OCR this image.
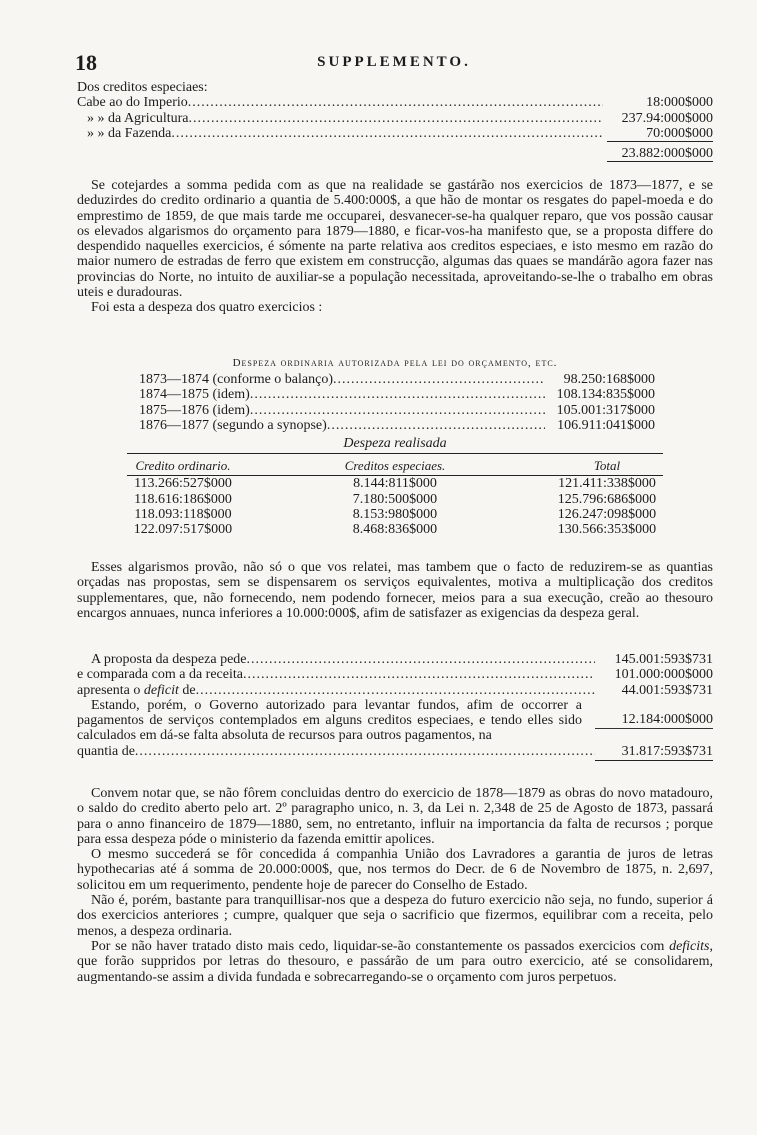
18	SUPPLEMENTO.
Dos creditos especiaes:
Cabe ao do Imperio .....	18:000$000
» » da Agricultura .....	237.94:000$000
» » da Fazenda .....	70:000$000
23.882:000$000

Se cotejardes a somma pedida com as que na realidade se gastárão nos exercicios de 1873—1877, e se deduzirdes do credito ordinario a quantia de 5.400:000$, a que hão de montar os resgates do papel-moeda e do emprestimo de 1859, de que mais tarde me occuparei, desvanecer-se-ha qualquer reparo, que vos possão causar os elevados algarismos do orçamento para 1879—1880, e ficar-vos-ha manifesto que, se a proposta differe do despendido naquelles exercicios, é sómente na parte relativa aos creditos especiaes, e isto mesmo em razão do maior numero de estradas de ferro que existem em construcção, algumas das quaes se mandárão agora fazer nas provincias do Norte, no intuito de auxiliar-se a população necessitada, aproveitando-se-lhe o trabalho em obras uteis e duradouras.

Foi esta a despeza dos quatro exercicios :

Despeza ordinaria autorizada pela lei do orçamento, etc.
1873—1874 (conforme o balanço) .....	98.250:168$000
1874—1875 (idem) .....	108.134:835$000
1875—1876 (idem) .....	105.001:317$000
1876—1877 (segundo a synopse) .....	106.911:041$000
Despeza realisada
Credito ordinario.	Creditos especiaes.	Total
113.266:527$000	8.144:811$000	121.411:338$000
118.616:186$000	7.180:500$000	125.796:686$000
118.093:118$000	8.153:980$000	126.247:098$000
122.097:517$000	8.468:836$000	130.566:353$000

Esses algarismos provão, não só o que vos relatei, mas tambem que o facto de reduzirem-se as quantias orçadas nas propostas, sem se dispensarem os serviços equivalentes, motiva a multiplicação dos creditos supplementares, que, não fornecendo, nem podendo fornecer, meios para a sua execução, creão ao thesouro encargos annuaes, nunca inferiores a 10.000:000$, afim de satisfazer as exigencias da despeza geral.

A proposta da despeza pede .....	145.001:593$731
e comparada com a da receita .....	101.000:000$000
apresenta o deficit de .....	44.001:593$731

Estando, porém, o Governo autorizado para levantar fundos, afim de occorrer a pagamentos de serviços contemplados em alguns creditos especiaes, e tendo elles sido calculados em dá-se falta absoluta de recursos para outros pagamentos, na

12.184:000$000
quantia de .....	31.817:593$731

Convem notar que, se não fôrem concluidas dentro do exercicio de 1878—1879 as obras do novo matadouro, o saldo do credito aberto pelo art. 2º paragrapho unico, n. 3, da Lei n. 2,348 de 25 de Agosto de 1873, passará para o anno financeiro de 1879—1880, sem, no entretanto, influir na importancia da falta de recursos ; porque para essa despeza póde o ministerio da fazenda emittir apolices.

O mesmo succederá se fôr concedida á companhia União dos Lavradores a garantia de juros de letras hypothecarias até á somma de 20.000:000$, que, nos termos do Decr. de 6 de Novembro de 1875, n. 2,697, solicitou em um requerimento, pendente hoje de parecer do Conselho de Estado.

Não é, porém, bastante para tranquillisar-nos que a despeza do futuro exercicio não seja, no fundo, superior á dos exercicios anteriores ; cumpre, qualquer que seja o sacrificio que fizermos, equilibrar com a receita, pelo menos, a despeza ordinaria.

Por se não haver tratado disto mais cedo, liquidar-se-ão constantemente os passados exercicios com deficits, que forão suppridos por letras do thesouro, e passárão de um para outro exercicio, até se consolidarem, augmentando-se assim a divida fundada e sobrecarregando-se o orçamento com juros perpetuos.
